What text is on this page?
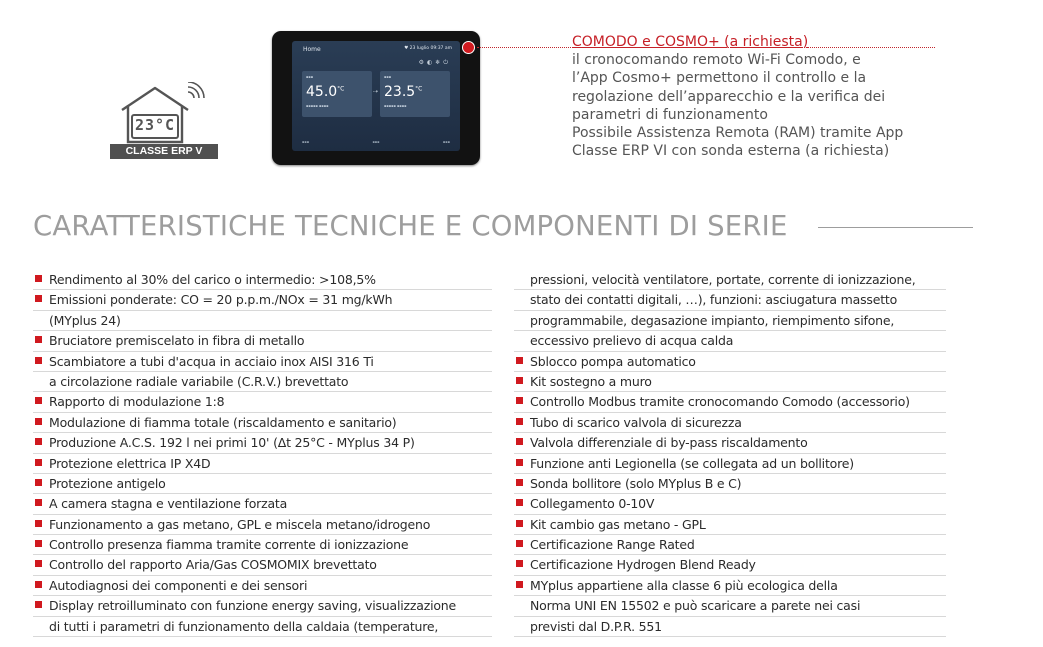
23°C
CLASSE ERP V
Home	♥ 23 luglio 09:37 am
⚙◐❄⏻
▪▪▪
$45.0^{^\circ C}$
▪▪▪▪▪ ▪▪▪▪
⇢
▪▪▪
$23.5^{^\circ C}$
▪▪▪▪▪ ▪▪▪▪
▪▪▪	▪▪▪	▪▪▪
COMODO e COSMO+ (a richiesta)
il cronocomando remoto Wi-Fi Comodo, e
l’App Cosmo+ permettono il controllo e la
regolazione dell’apparecchio e la verifica dei
parametri di funzionamento
Possibile Assistenza Remota (RAM) tramite App
Classe ERP VI con sonda esterna (a richiesta)
CARATTERISTICHE TECNICHE E COMPONENTI DI SERIE
Rendimento al 30% del carico o intermedio: >108,5%
Emissioni ponderate: CO = 20 p.p.m./NOx = 31 mg/kWh
(MYplus 24)
Bruciatore premiscelato in fibra di metallo
Scambiatore a tubi d'acqua in acciaio inox AISI 316 Ti
a circolazione radiale variabile (C.R.V.) brevettato
Rapporto di modulazione 1:8
Modulazione di fiamma totale (riscaldamento e sanitario)
Produzione A.C.S. 192 l nei primi 10' (Δt 25°C - MYplus 34 P)
Protezione elettrica IP X4D
Protezione antigelo
A camera stagna e ventilazione forzata
Funzionamento a gas metano, GPL e miscela metano/idrogeno
Controllo presenza fiamma tramite corrente di ionizzazione
Controllo del rapporto Aria/Gas COSMOMIX brevettato
Autodiagnosi dei componenti e dei sensori
Display retroilluminato con funzione energy saving, visualizzazione
di tutti i parametri di funzionamento della caldaia (temperature,
pressioni, velocità ventilatore, portate, corrente di ionizzazione,
stato dei contatti digitali, …), funzioni: asciugatura massetto
programmabile, degasazione impianto, riempimento sifone,
eccessivo prelievo di acqua calda
Sblocco pompa automatico
Kit sostegno a muro
Controllo Modbus tramite cronocomando Comodo (accessorio)
Tubo di scarico valvola di sicurezza
Valvola differenziale di by-pass riscaldamento
Funzione anti Legionella (se collegata ad un bollitore)
Sonda bollitore (solo MYplus B e C)
Collegamento 0-10V
Kit cambio gas metano - GPL
Certificazione Range Rated
Certificazione Hydrogen Blend Ready
MYplus appartiene alla classe 6 più ecologica della
Norma UNI EN 15502 e può scaricare a parete nei casi
previsti dal D.P.R. 551
